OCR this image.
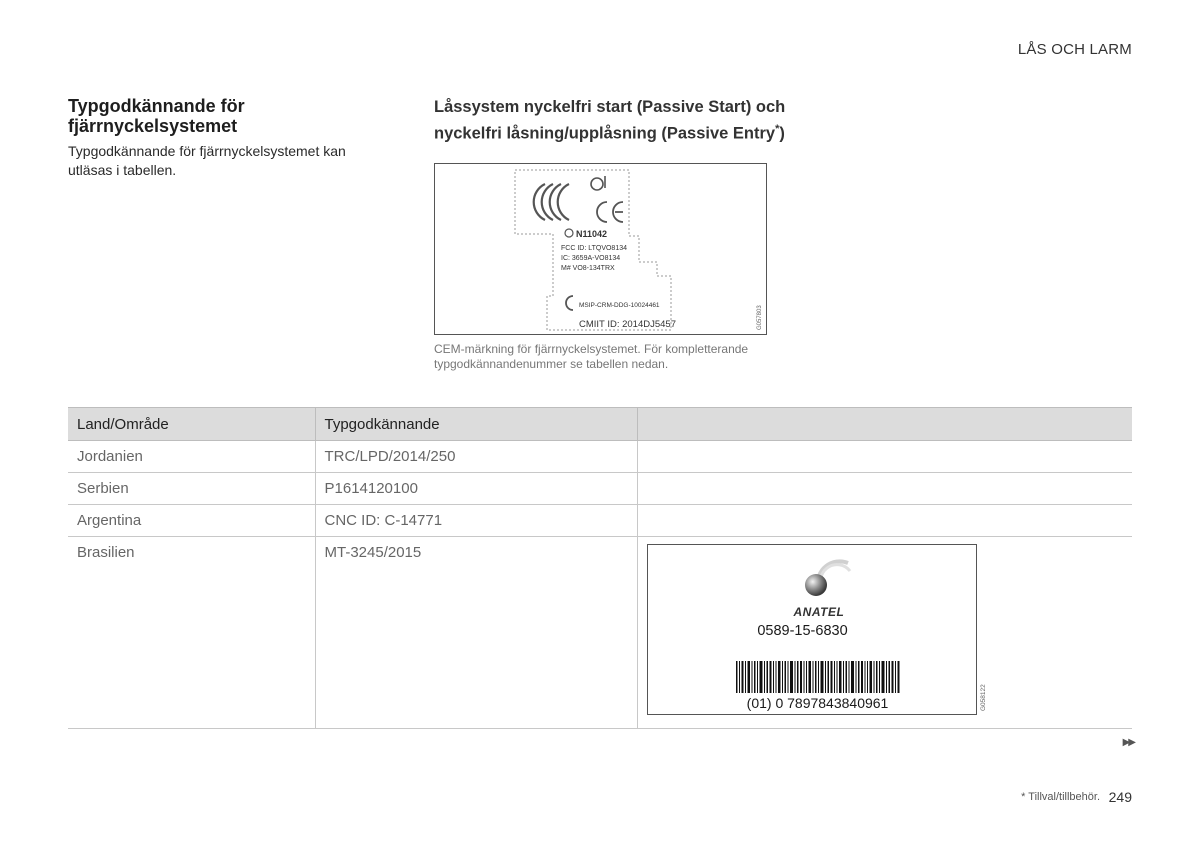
LÅS OCH LARM
Typgodkännande för fjärrnyckelsystemet
Typgodkännande för fjärrnyckelsystemet kan utläsas i tabellen.
Låssystem nyckelfri start (Passive Start) och nyckelfri låsning/upplåsning (Passive Entry*)
N11042
FCC ID: LTQVO8134
IC: 3659A-VO8134
M# VO8-134TRX
MSIP-CRM-DDG-10024461
CMIIT ID: 2014DJ5457	G057803
CEM-märkning för fjärrnyckelsystemet. För kompletterande typgodkännandenummer se tabellen nedan.
Land/Område	Typgodkännande	
Jordanien	TRC/LPD/2014/250	
Serbien	P1614120100	
Argentina	CNC ID: C-14771	
Brasilien	MT-3245/2015	ANATEL
0589-15-6830
(01) 0 7897843840961 G058122
▶▶
* Tillval/tillbehör. 249
